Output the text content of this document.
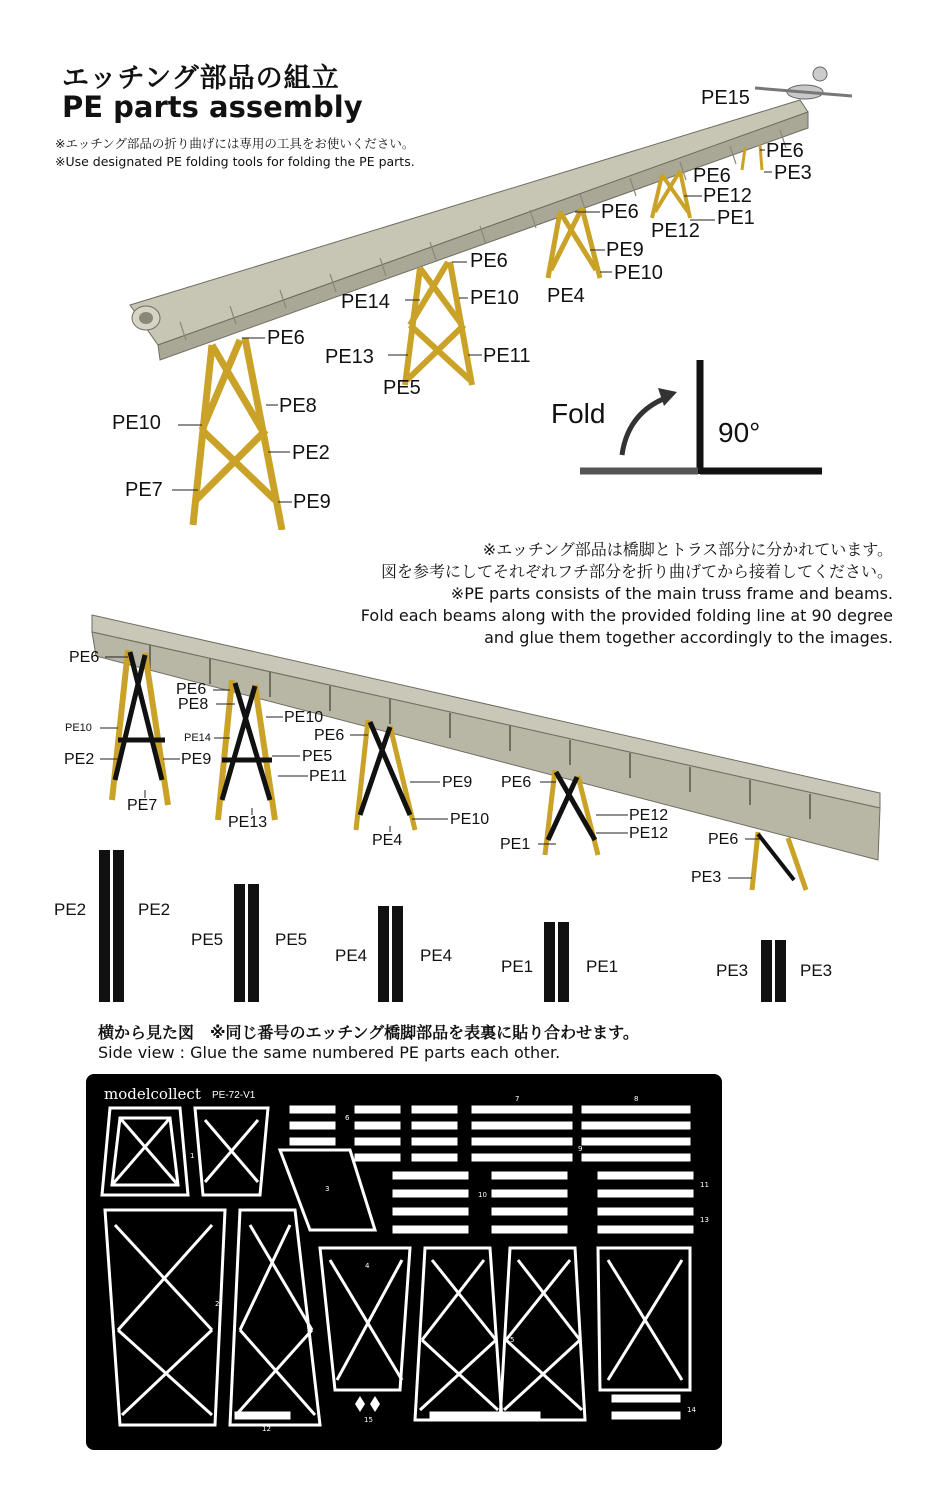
エッチング部品の組立
PE parts assembly
※エッチング部品の折り曲げには専用の工具をお使いください。
※Use designated PE folding tools for folding the PE parts.
PE15
PE6
PE3
PE6
PE12
PE1
PE12
PE6
PE9
PE10
PE4
PE6
PE10
PE14
PE11
PE13
PE5
PE6
PE8
PE10
PE2
PE7
PE9
Fold
90°
※エッチング部品は橋脚とトラス部分に分かれています。
図を参考にしてそれぞれフチ部分を折り曲げてから接着してください。
※PE parts consists of the main truss frame and beams.
Fold each beams along with the provided folding line at 90 degree
and glue them together accordingly to the images.
PE6
PE6
PE8
PE10
PE14
PE10
PE2	PE9	PE5
PE11
PE7
PE13
PE6
PE9
PE10
PE4
PE6
PE12
PE12
PE1	PE6
PE3
PE2	PE2
PE5	PE5
PE4	PE4
PE1	PE1	PE3	PE3
横から見た図　※同じ番号のエッチング橋脚部品を表裏に貼り合わせます。
Side view : Glue the same numbered PE parts each other.
modelcollect PE-72-V1
1
2
3
4
5
6
7	8
9
10
11
12
13
14
15
